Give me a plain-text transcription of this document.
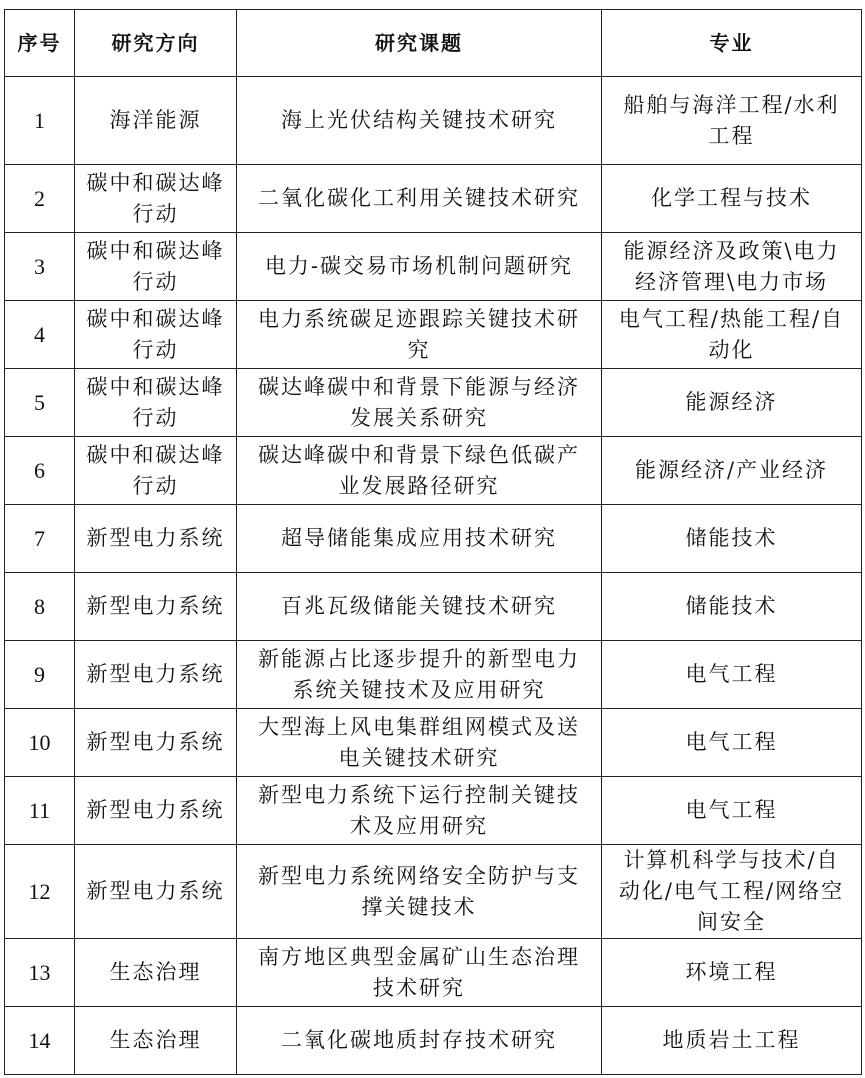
序号	研究方向	研究课题	专业
1	海洋能源	海上光伏结构关键技术研究	船舶与海洋工程/水利工程
2	碳中和碳达峰行动	二氧化碳化工利用关键技术研究	化学工程与技术
3	碳中和碳达峰行动	电力-碳交易市场机制问题研究	能源经济及政策\电力经济管理\电力市场
4	碳中和碳达峰行动	电力系统碳足迹跟踪关键技术研究	电气工程/热能工程/自动化
5	碳中和碳达峰行动	碳达峰碳中和背景下能源与经济发展关系研究	能源经济
6	碳中和碳达峰行动	碳达峰碳中和背景下绿色低碳产业发展路径研究	能源经济/产业经济
7	新型电力系统	超导储能集成应用技术研究	储能技术
8	新型电力系统	百兆瓦级储能关键技术研究	储能技术
9	新型电力系统	新能源占比逐步提升的新型电力系统关键技术及应用研究	电气工程
10	新型电力系统	大型海上风电集群组网模式及送电关键技术研究	电气工程
11	新型电力系统	新型电力系统下运行控制关键技术及应用研究	电气工程
12	新型电力系统	新型电力系统网络安全防护与支撑关键技术	计算机科学与技术/自动化/电气工程/网络空间安全
13	生态治理	南方地区典型金属矿山生态治理技术研究	环境工程
14	生态治理	二氧化碳地质封存技术研究	地质岩土工程
